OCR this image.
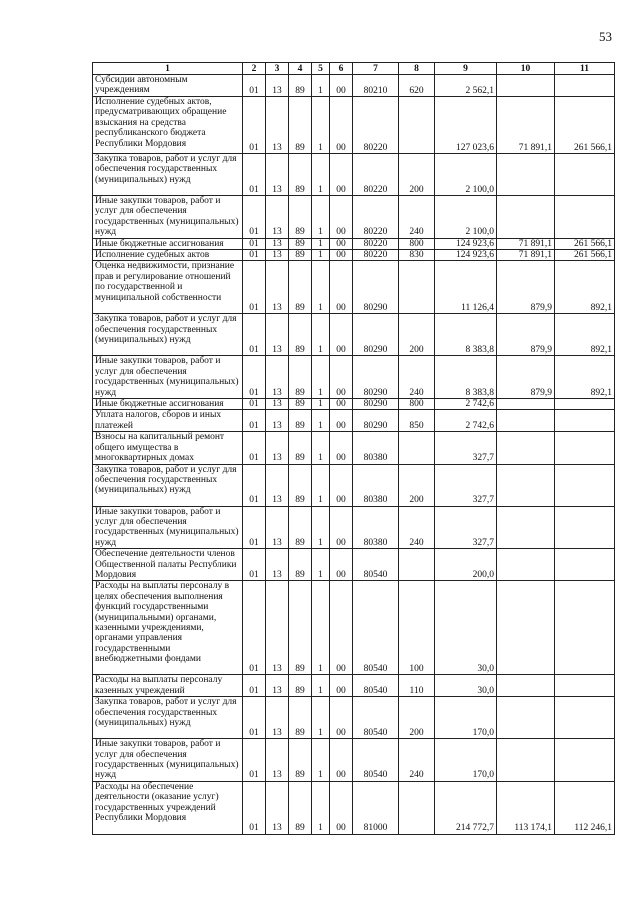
53
1	2	3	4	5	6	7	8	9	10	11

Субсидии автономным учреждениям	01	13	89	1	00	80210	620	2 562,1		

Исполнение судебных актов, предусматривающих обращение взыскания на средства республиканского бюджета Республики Мордовия	01	13	89	1	00	80220		127 023,6	71 891,1	261 566,1

Закупка товаров, работ и услуг для обеспечения государственных (муниципальных) нужд	01	13	89	1	00	80220	200	2 100,0		

Иные закупки товаров, работ и услуг для обеспечения государственных (муниципальных) нужд	01	13	89	1	00	80220	240	2 100,0		

Иные бюджетные ассигнования	01	13	89	1	00	80220	800	124 923,6	71 891,1	261 566,1

Исполнение судебных актов	01	13	89	1	00	80220	830	124 923,6	71 891,1	261 566,1

Оценка недвижимости, признание прав и регулирование отношений по государственной и муниципальной собственности	01	13	89	1	00	80290		11 126,4	879,9	892,1

Закупка товаров, работ и услуг для обеспечения государственных (муниципальных) нужд	01	13	89	1	00	80290	200	8 383,8	879,9	892,1

Иные закупки товаров, работ и услуг для обеспечения государственных (муниципальных) нужд	01	13	89	1	00	80290	240	8 383,8	879,9	892,1

Иные бюджетные ассигнования	01	13	89	1	00	80290	800	2 742,6		

Уплата налогов, сборов и иных платежей	01	13	89	1	00	80290	850	2 742,6		

Взносы на капитальный ремонт общего имущества в многоквартирных домах	01	13	89	1	00	80380		327,7		

Закупка товаров, работ и услуг для обеспечения государственных (муниципальных) нужд	01	13	89	1	00	80380	200	327,7		

Иные закупки товаров, работ и услуг для обеспечения государственных (муниципальных) нужд	01	13	89	1	00	80380	240	327,7		

Обеспечение деятельности членов Общественной палаты Республики Мордовия	01	13	89	1	00	80540		200,0		

Расходы на выплаты персоналу в целях обеспечения выполнения функций государственными (муниципальными) органами, казенными учреждениями, органами управления государственными внебюджетными фондами	01	13	89	1	00	80540	100	30,0		

Расходы на выплаты персоналу казенных учреждений	01	13	89	1	00	80540	110	30,0		

Закупка товаров, работ и услуг для обеспечения государственных (муниципальных) нужд	01	13	89	1	00	80540	200	170,0		

Иные закупки товаров, работ и услуг для обеспечения государственных (муниципальных) нужд	01	13	89	1	00	80540	240	170,0		

Расходы на обеспечение деятельности (оказание услуг) государственных учреждений Республики Мордовия	01	13	89	1	00	81000		214 772,7	113 174,1	112 246,1
